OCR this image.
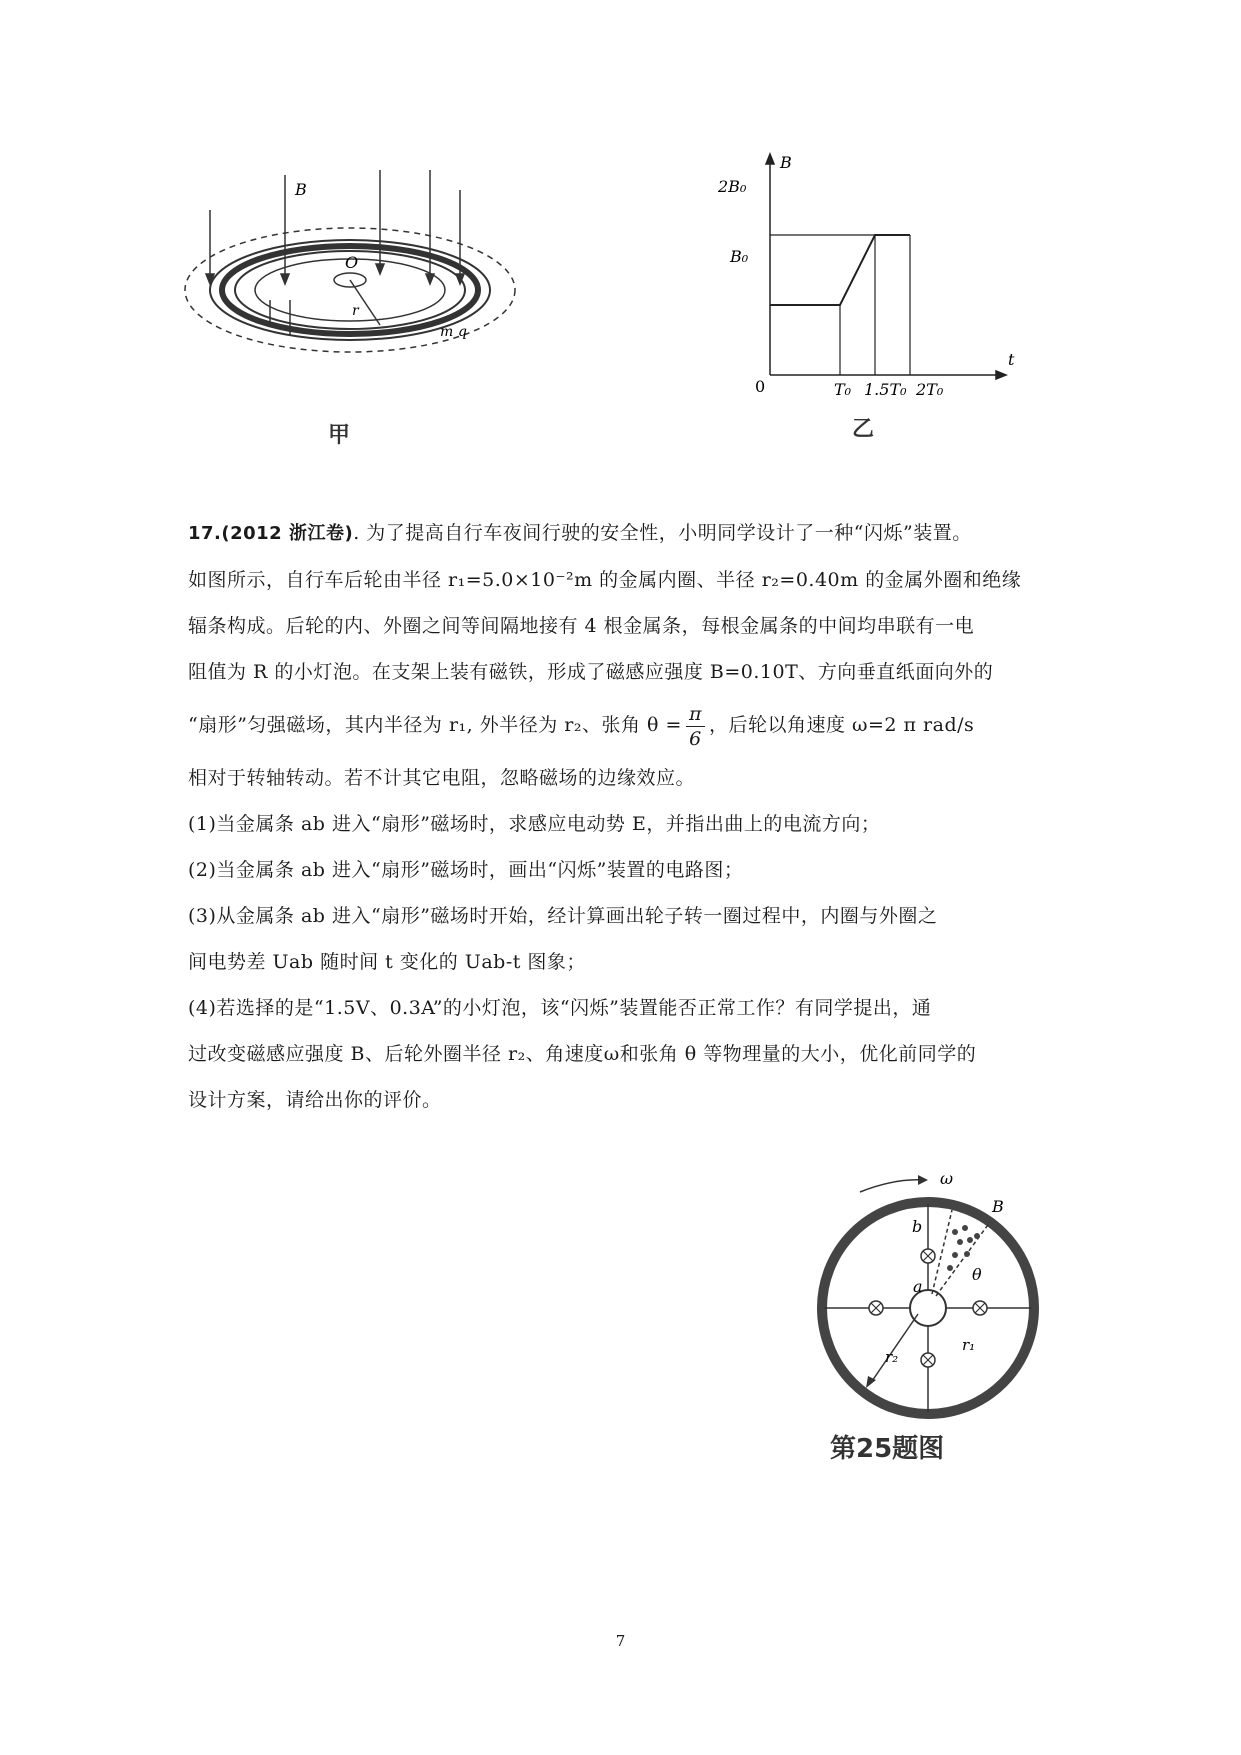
B
O
r
m q
甲
B
t
0
2B₀
B₀
T₀ 1.5T₀ 2T₀
乙

17.(2012 浙江卷). 为了提高自行车夜间行驶的安全性，小明同学设计了一种“闪烁”装置。

如图所示，自行车后轮由半径 r₁=5.0×10⁻²m 的金属内圈、半径 r₂=0.40m 的金属外圈和绝缘

辐条构成。后轮的内、外圈之间等间隔地接有 4 根金属条，每根金属条的中间均串联有一电

阻值为 R 的小灯泡。在支架上装有磁铁，形成了磁感应强度 B=0.10T、方向垂直纸面向外的

“扇形”匀强磁场，其内半径为 r₁, 外半径为 r₂、张角 $\theta = \frac{\pi}{6}$ ，后轮以角速度 ω=2 π rad/s

相对于转轴转动。若不计其它电阻，忽略磁场的边缘效应。

(1)当金属条 ab 进入“扇形”磁场时，求感应电动势 E，并指出曲上的电流方向；

(2)当金属条 ab 进入“扇形”磁场时，画出“闪烁”装置的电路图；

(3)从金属条 ab 进入“扇形”磁场时开始，经计算画出轮子转一圈过程中，内圈与外圈之

间电势差 Uab 随时间 t 变化的 Uab-t 图象；

(4)若选择的是“1.5V、0.3A”的小灯泡，该“闪烁”装置能否正常工作？有同学提出，通

过改变磁感应强度 B、后轮外圈半径 r₂、角速度ω和张角 θ 等物理量的大小，优化前同学的

设计方案，请给出你的评价。

ω
B
b
a
θ
r₁
r₂
第25题图
7
